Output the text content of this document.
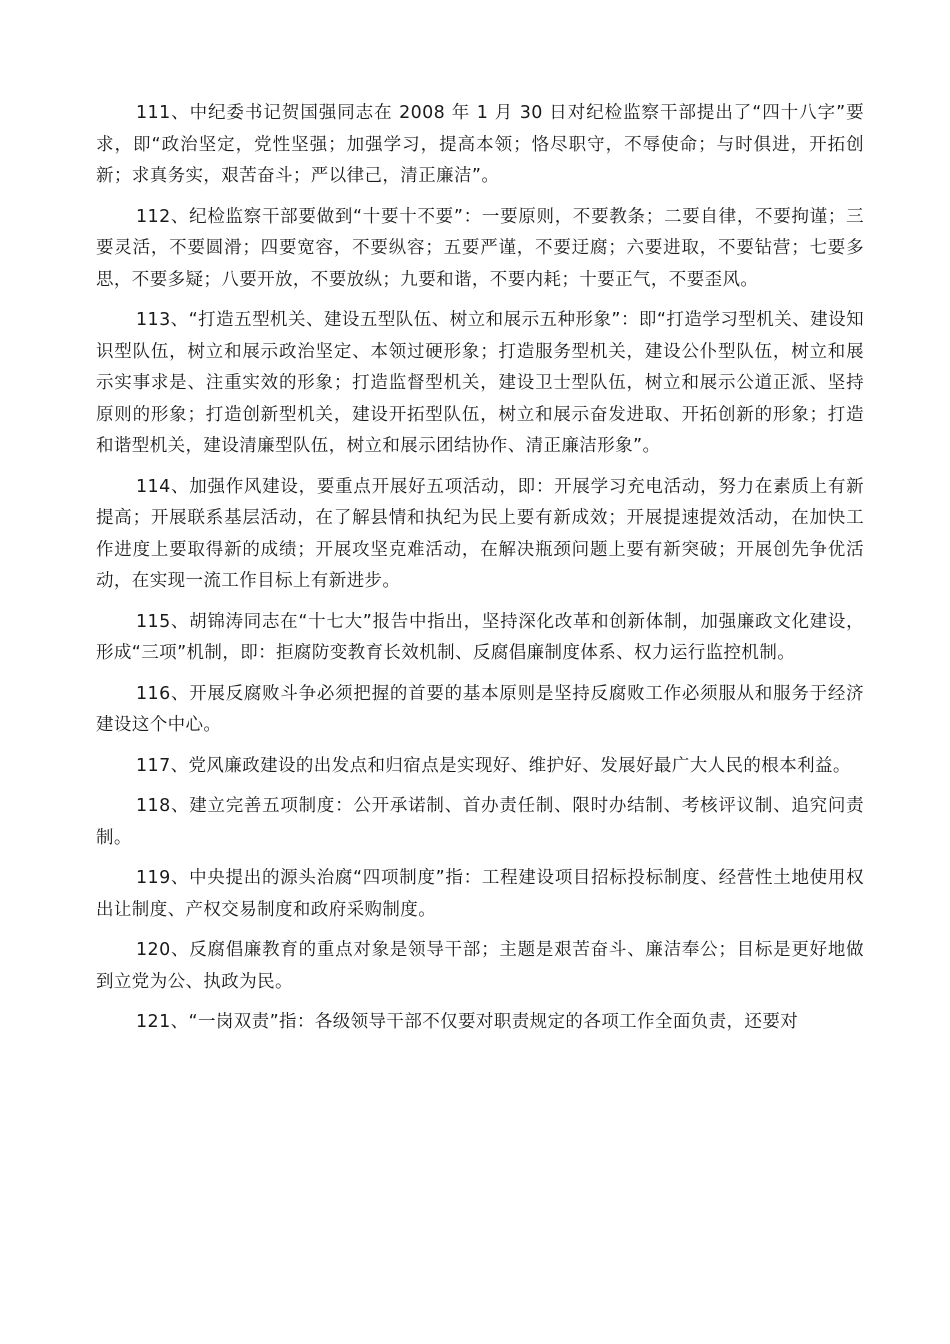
111、中纪委书记贺国强同志在 2008 年 1 月 30 日对纪检监察干部提出了“四十八字”要求，即“政治坚定，党性坚强；加强学习，提高本领；恪尽职守，不辱使命；与时俱进，开拓创新；求真务实，艰苦奋斗；严以律己，清正廉洁”。

112、纪检监察干部要做到“十要十不要”：一要原则，不要教条；二要自律，不要拘谨；三要灵活，不要圆滑；四要宽容，不要纵容；五要严谨，不要迂腐；六要进取，不要钻营；七要多思，不要多疑；八要开放，不要放纵；九要和谐，不要内耗；十要正气，不要歪风。

113、“打造五型机关、建设五型队伍、树立和展示五种形象”：即“打造学习型机关、建设知识型队伍，树立和展示政治坚定、本领过硬形象；打造服务型机关，建设公仆型队伍，树立和展示实事求是、注重实效的形象；打造监督型机关，建设卫士型队伍，树立和展示公道正派、坚持原则的形象；打造创新型机关，建设开拓型队伍，树立和展示奋发进取、开拓创新的形象；打造和谐型机关，建设清廉型队伍，树立和展示团结协作、清正廉洁形象”。

114、加强作风建设，要重点开展好五项活动，即：开展学习充电活动，努力在素质上有新提高；开展联系基层活动，在了解县情和执纪为民上要有新成效；开展提速提效活动，在加快工作进度上要取得新的成绩；开展攻坚克难活动，在解决瓶颈问题上要有新突破；开展创先争优活动，在实现一流工作目标上有新进步。

115、胡锦涛同志在“十七大”报告中指出，坚持深化改革和创新体制，加强廉政文化建设，形成“三项”机制，即：拒腐防变教育长效机制、反腐倡廉制度体系、权力运行监控机制。

116、开展反腐败斗争必须把握的首要的基本原则是坚持反腐败工作必须服从和服务于经济建设这个中心。

117、党风廉政建设的出发点和归宿点是实现好、维护好、发展好最广大人民的根本利益。

118、建立完善五项制度：公开承诺制、首办责任制、限时办结制、考核评议制、追究问责制。

119、中央提出的源头治腐“四项制度”指：工程建设项目招标投标制度、经营性土地使用权出让制度、产权交易制度和政府采购制度。

120、反腐倡廉教育的重点对象是领导干部；主题是艰苦奋斗、廉洁奉公；目标是更好地做到立党为公、执政为民。

121、“一岗双责”指：各级领导干部不仅要对职责规定的各项工作全面负责，还要对
